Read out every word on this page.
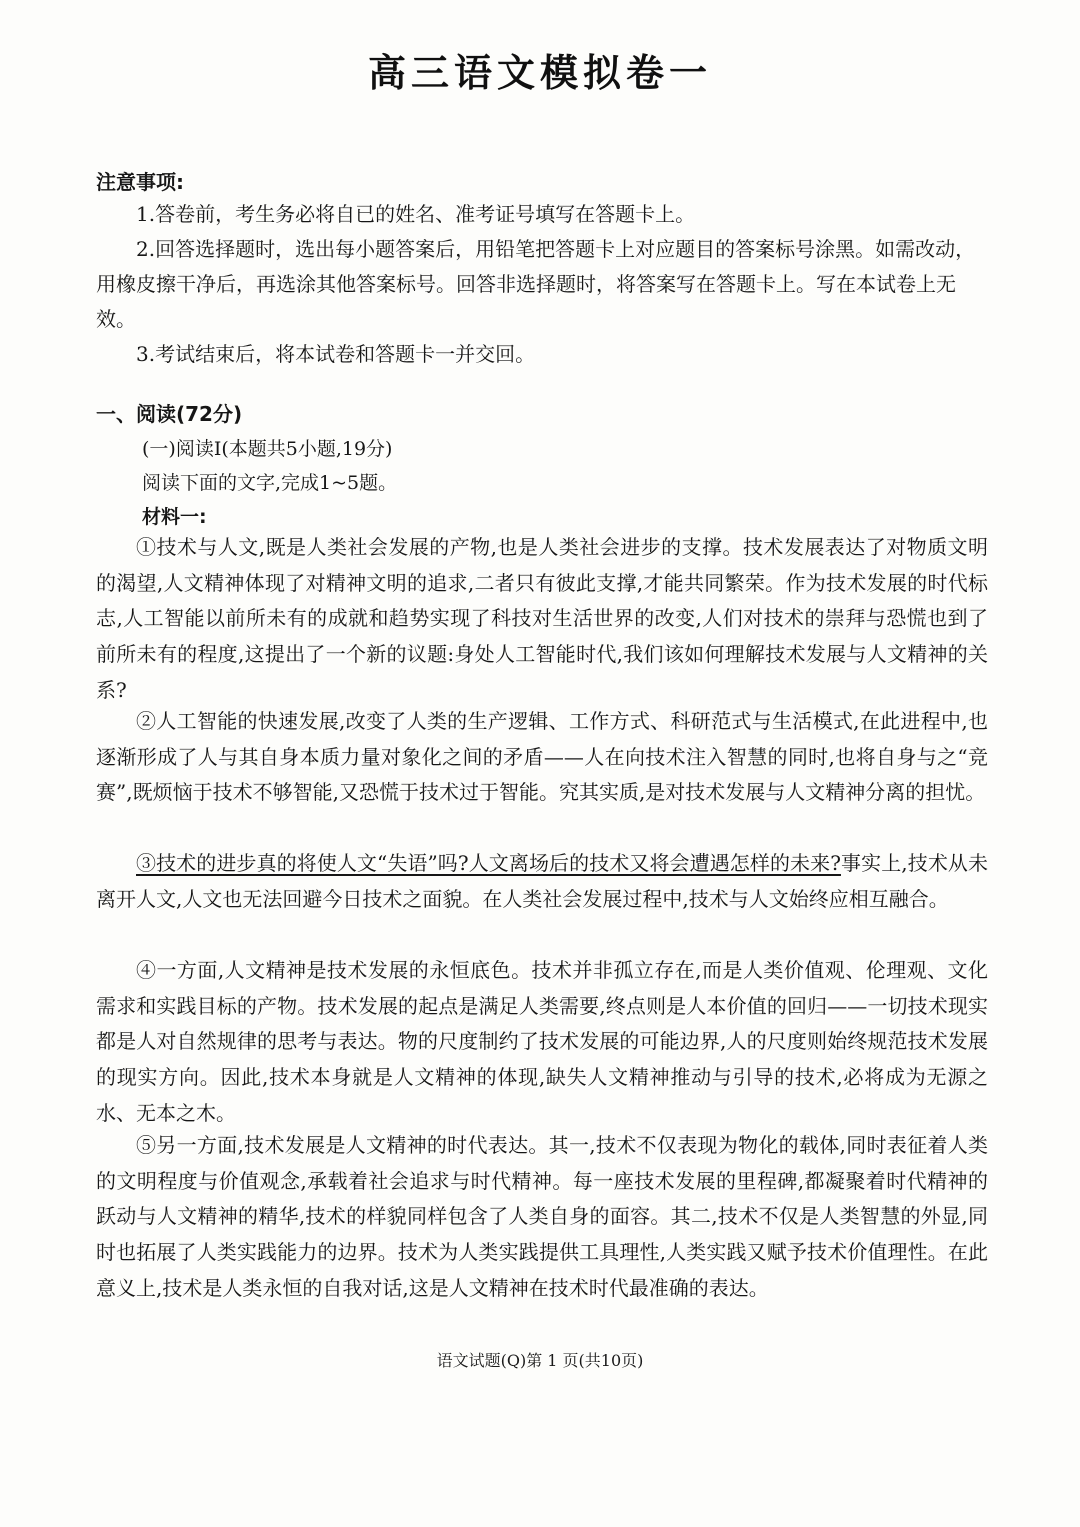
高三语文模拟卷一
注意事项:
1.答卷前，考生务必将自已的姓名、准考证号填写在答题卡上。
2.回答选择题时，选出每小题答案后，用铅笔把答题卡上对应题目的答案标号涂黑。如需改动，用橡皮擦干净后，再选涂其他答案标号。回答非选择题时，将答案写在答题卡上。写在本试卷上无效。
3.考试结束后，将本试卷和答题卡一并交回。
一、阅读(72分)
(一)阅读Ⅰ(本题共5小题,19分)
阅读下面的文字,完成1~5题。
材料一:
①技术与人文,既是人类社会发展的产物,也是人类社会进步的支撑。技术发展表达了对物质文明的渴望,人文精神体现了对精神文明的追求,二者只有彼此支撑,才能共同繁荣。作为技术发展的时代标志,人工智能以前所未有的成就和趋势实现了科技对生活世界的改变,人们对技术的崇拜与恐慌也到了前所未有的程度,这提出了一个新的议题:身处人工智能时代,我们该如何理解技术发展与人文精神的关系?
②人工智能的快速发展,改变了人类的生产逻辑、工作方式、科研范式与生活模式,在此进程中,也逐渐形成了人与其自身本质力量对象化之间的矛盾——人在向技术注入智慧的同时,也将自身与之“竞赛”,既烦恼于技术不够智能,又恐慌于技术过于智能。究其实质,是对技术发展与人文精神分离的担忧。
③技术的进步真的将使人文“失语”吗?人文离场后的技术又将会遭遇怎样的未来?事实上,技术从未离开人文,人文也无法回避今日技术之面貌。在人类社会发展过程中,技术与人文始终应相互融合。
④一方面,人文精神是技术发展的永恒底色。技术并非孤立存在,而是人类价值观、伦理观、文化需求和实践目标的产物。技术发展的起点是满足人类需要,终点则是人本价值的回归——一切技术现实都是人对自然规律的思考与表达。物的尺度制约了技术发展的可能边界,人的尺度则始终规范技术发展的现实方向。因此,技术本身就是人文精神的体现,缺失人文精神推动与引导的技术,必将成为无源之水、无本之木。
⑤另一方面,技术发展是人文精神的时代表达。其一,技术不仅表现为物化的载体,同时表征着人类的文明程度与价值观念,承载着社会追求与时代精神。每一座技术发展的里程碑,都凝聚着时代精神的跃动与人文精神的精华,技术的样貌同样包含了人类自身的面容。其二,技术不仅是人类智慧的外显,同时也拓展了人类实践能力的边界。技术为人类实践提供工具理性,人类实践又赋予技术价值理性。在此意义上,技术是人类永恒的自我对话,这是人文精神在技术时代最准确的表达。
语文试题(Q)第 1 页(共10页)
